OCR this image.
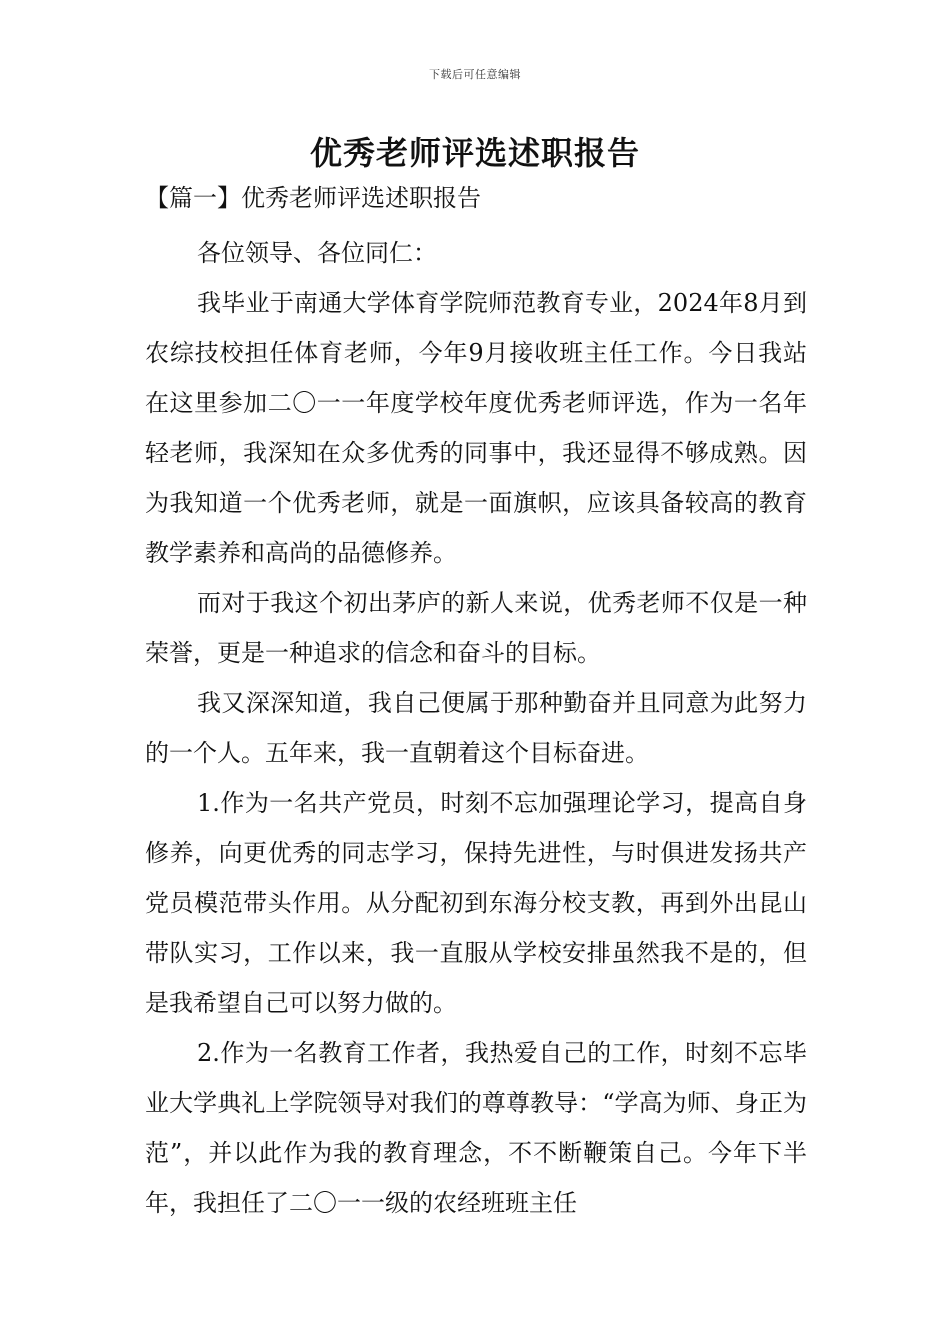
下载后可任意编辑
优秀老师评选述职报告

【篇一】优秀老师评选述职报告

各位领导、各位同仁：

我毕业于南通大学体育学院师范教育专业，2024年8月到农综技校担任体育老师，今年9月接收班主任工作。今日我站在这里参加二〇一一年度学校年度优秀老师评选，作为一名年轻老师，我深知在众多优秀的同事中，我还显得不够成熟。因为我知道一个优秀老师，就是一面旗帜，应该具备较高的教育教学素养和高尚的品德修养。

而对于我这个初出茅庐的新人来说，优秀老师不仅是一种荣誉，更是一种追求的信念和奋斗的目标。

我又深深知道，我自己便属于那种勤奋并且同意为此努力的一个人。五年来，我一直朝着这个目标奋进。

1.作为一名共产党员，时刻不忘加强理论学习，提高自身修养，向更优秀的同志学习，保持先进性，与时俱进发扬共产党员模范带头作用。从分配初到东海分校支教，再到外出昆山带队实习，工作以来，我一直服从学校安排虽然我不是的，但是我希望自己可以努力做的。

2.作为一名教育工作者，我热爱自己的工作，时刻不忘毕业大学典礼上学院领导对我们的尊尊教导：“学高为师、身正为范”，并以此作为我的教育理念，不不断鞭策自己。今年下半年，我担任了二〇一一级的农经班班主任
